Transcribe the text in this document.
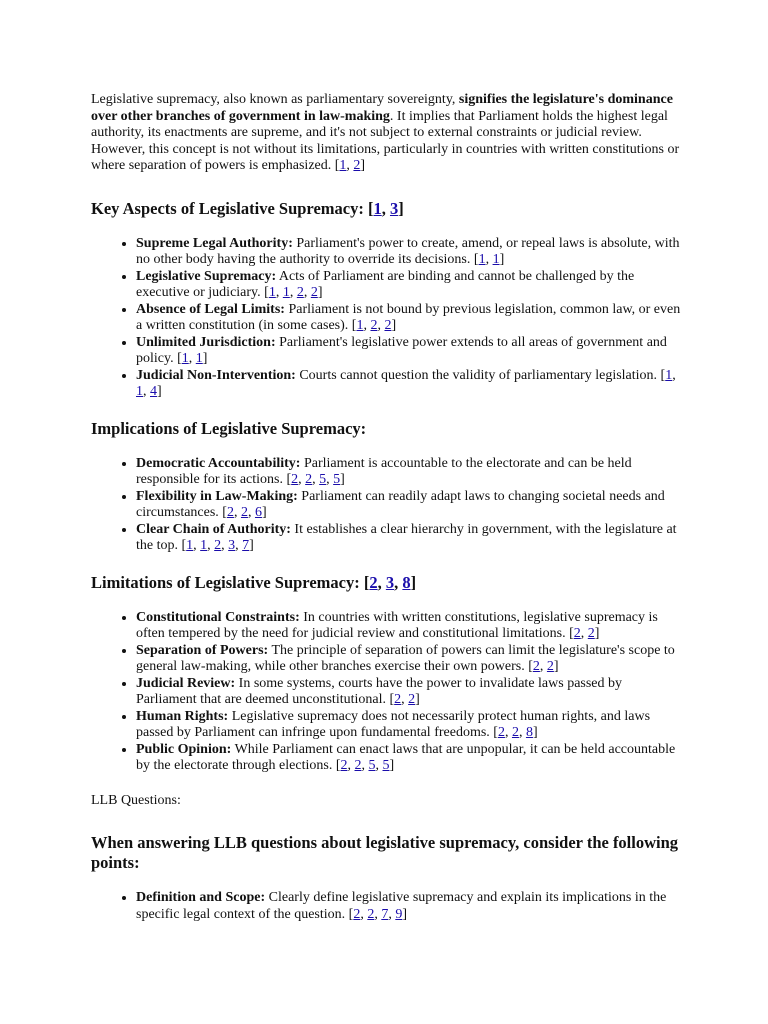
Legislative supremacy, also known as parliamentary sovereignty, signifies the legislature's dominance over other branches of government in law-making. It implies that Parliament holds the highest legal authority, its enactments are supreme, and it's not subject to external constraints or judicial review. However, this concept is not without its limitations, particularly in countries with written constitutions or where separation of powers is emphasized. [1, 2]

Key Aspects of Legislative Supremacy: [1, 3]
• Supreme Legal Authority: Parliament's power to create, amend, or repeal laws is absolute, with no other body having the authority to override its decisions. [1, 1]
• Legislative Supremacy: Acts of Parliament are binding and cannot be challenged by the executive or judiciary. [1, 1, 2, 2]
• Absence of Legal Limits: Parliament is not bound by previous legislation, common law, or even a written constitution (in some cases). [1, 2, 2]
• Unlimited Jurisdiction: Parliament's legislative power extends to all areas of government and policy. [1, 1]
• Judicial Non-Intervention: Courts cannot question the validity of parliamentary legislation. [1, 1, 4]
Implications of Legislative Supremacy:
• Democratic Accountability: Parliament is accountable to the electorate and can be held responsible for its actions. [2, 2, 5, 5]
• Flexibility in Law-Making: Parliament can readily adapt laws to changing societal needs and circumstances. [2, 2, 6]
• Clear Chain of Authority: It establishes a clear hierarchy in government, with the legislature at the top. [1, 1, 2, 3, 7]
Limitations of Legislative Supremacy: [2, 3, 8]
• Constitutional Constraints: In countries with written constitutions, legislative supremacy is often tempered by the need for judicial review and constitutional limitations. [2, 2]
• Separation of Powers: The principle of separation of powers can limit the legislature's scope to general law-making, while other branches exercise their own powers. [2, 2]
• Judicial Review: In some systems, courts have the power to invalidate laws passed by Parliament that are deemed unconstitutional. [2, 2]
• Human Rights: Legislative supremacy does not necessarily protect human rights, and laws passed by Parliament can infringe upon fundamental freedoms. [2, 2, 8]
• Public Opinion: While Parliament can enact laws that are unpopular, it can be held accountable by the electorate through elections. [2, 2, 5, 5]

LLB Questions:

When answering LLB questions about legislative supremacy, consider the following points:
• Definition and Scope: Clearly define legislative supremacy and explain its implications in the specific legal context of the question. [2, 2, 7, 9]
